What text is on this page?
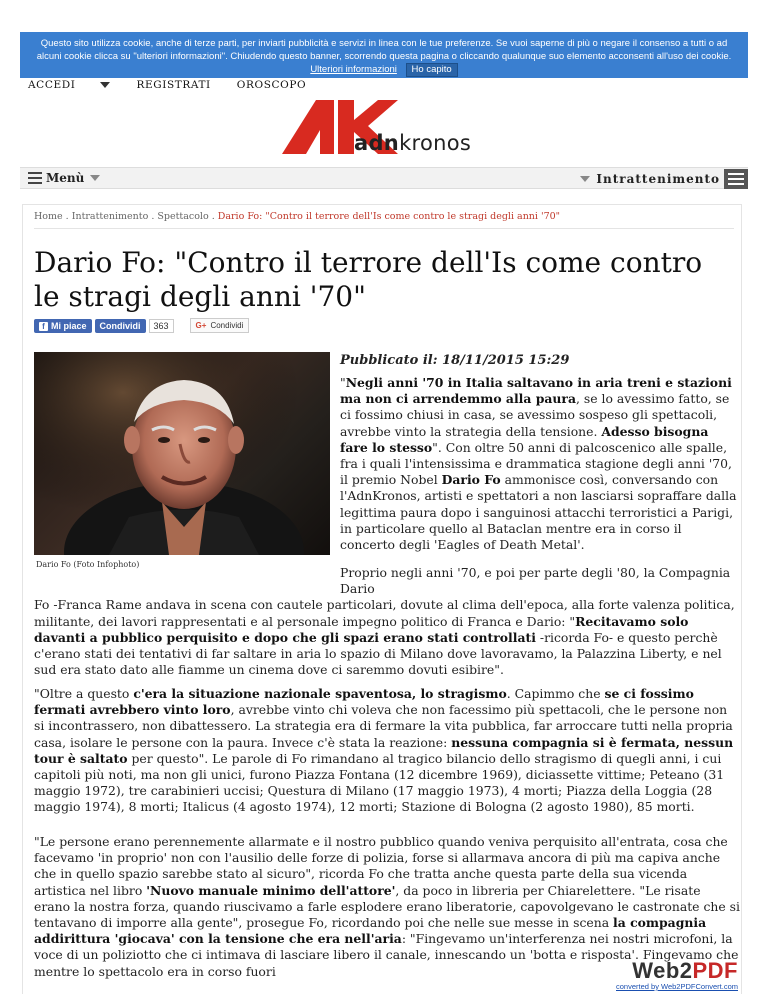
Questo sito utilizza cookie, anche di terze parti, per inviarti pubblicità e servizi in linea con le tue preferenze. Se vuoi saperne di più o negare il consenso a tutti o ad alcuni cookie clicca su "ulteriori informazioni". Chiudendo questo banner, scorrendo questa pagina o cliccando qualunque suo elemento acconsenti all'uso dei cookie. Ulteriori informazioni Ho capito
ACCEDI	REGISTRATI OROSCOPO
adnkronos
Menù	Intrattenimento
Home . Intrattenimento . Spettacolo . Dario Fo: "Contro il terrore dell'Is come contro le stragi degli anni '70"
Dario Fo: "Contro il terrore dell'Is come contro le stragi degli anni '70"
f Mi piace	Condividi	363	G+ Condividi
Dario Fo (Foto Infophoto)
Pubblicato il: 18/11/2015 15:29
"Negli anni '70 in Italia saltavano in aria treni e stazioni ma non ci arrendemmo alla paura, se lo avessimo fatto, se ci fossimo chiusi in casa, se avessimo sospeso gli spettacoli, avrebbe vinto la strategia della tensione. Adesso bisogna fare lo stesso". Con oltre 50 anni di palcoscenico alle spalle, fra i quali l'intensissima e drammatica stagione degli anni '70, il premio Nobel Dario Fo ammonisce così, conversando con l'AdnKronos, artisti e spettatori a non lasciarsi sopraffare dalla legittima paura dopo i sanguinosi attacchi terroristici a Parigi, in particolare quello al Bataclan mentre era in corso il concerto degli 'Eagles of Death Metal'.
Proprio negli anni '70, e poi per parte degli '80, la Compagnia Dario
Fo -Franca Rame andava in scena con cautele particolari, dovute al clima dell'epoca, alla forte valenza politica, militante, dei lavori rappresentati e al personale impegno politico di Franca e Dario: "Recitavamo solo davanti a pubblico perquisito e dopo che gli spazi erano stati controllati -ricorda Fo- e questo perchè c'erano stati dei tentativi di far saltare in aria lo spazio di Milano dove lavoravamo, la Palazzina Liberty, e nel sud era stato dato alle fiamme un cinema dove ci saremmo dovuti esibire".
"Oltre a questo c'era la situazione nazionale spaventosa, lo stragismo. Capimmo che se ci fossimo fermati avrebbero vinto loro, avrebbe vinto chi voleva che non facessimo più spettacoli, che le persone non si incontrassero, non dibattessero. La strategia era di fermare la vita pubblica, far arroccare tutti nella propria casa, isolare le persone con la paura. Invece c'è stata la reazione: nessuna compagnia si è fermata, nessun tour è saltato per questo". Le parole di Fo rimandano al tragico bilancio dello stragismo di quegli anni, i cui capitoli più noti, ma non gli unici, furono Piazza Fontana (12 dicembre 1969), diciassette vittime; Peteano (31 maggio 1972), tre carabinieri uccisi; Questura di Milano (17 maggio 1973), 4 morti; Piazza della Loggia (28 maggio 1974), 8 morti; Italicus (4 agosto 1974), 12 morti; Stazione di Bologna (2 agosto 1980), 85 morti.
"Le persone erano perennemente allarmate e il nostro pubblico quando veniva perquisito all'entrata, cosa che facevamo 'in proprio' non con l'ausilio delle forze di polizia, forse si allarmava ancora di più ma capiva anche che in quello spazio sarebbe stato al sicuro", ricorda Fo che tratta anche questa parte della sua vicenda artistica nel libro 'Nuovo manuale minimo dell'attore', da poco in libreria per Chiarelettere. "Le risate erano la nostra forza, quando riuscivamo a farle esplodere erano liberatorie, capovolgevano le castronate che si tentavano di imporre alla gente", prosegue Fo, ricordando poi che nelle sue messe in scena la compagnia addirittura 'giocava' con la tensione che era nell'aria: "Fingevamo un'interferenza nei nostri microfoni, la voce di un poliziotto che ci intimava di lasciare libero il canale, innescando un 'botta e risposta'. Fingevamo che mentre lo spettacolo era in corso fuori	Web2PDF
converted by Web2PDFConvert.com
